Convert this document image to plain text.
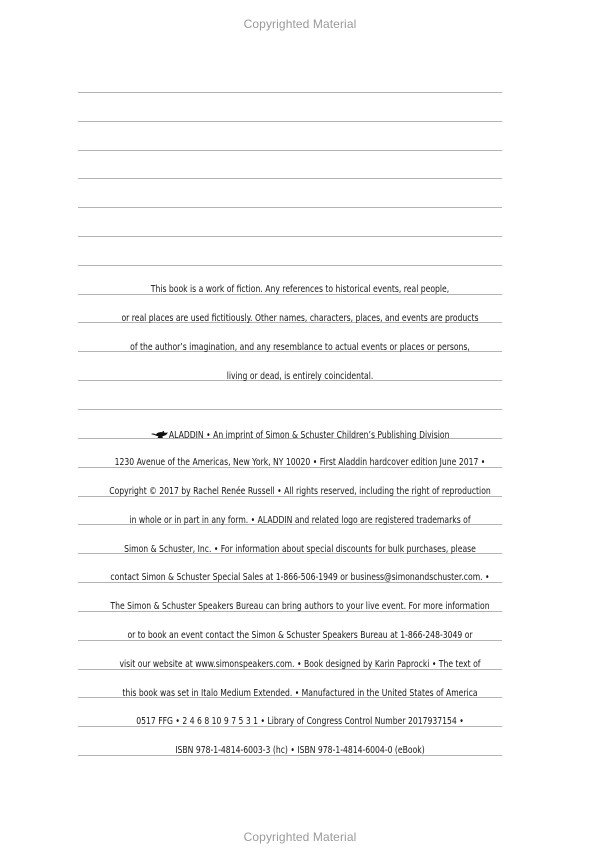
Copyrighted Material
This book is a work of fiction. Any references to historical events, real people,
or real places are used fictitiously. Other names, characters, places, and events are products
of the author’s imagination, and any resemblance to actual events or places or persons,
living or dead, is entirely coincidental.
ALADDIN • An imprint of Simon & Schuster Children’s Publishing Division
1230 Avenue of the Americas, New York, NY 10020 • First Aladdin hardcover edition June 2017 •
Copyright © 2017 by Rachel Renée Russell • All rights reserved, including the right of reproduction
in whole or in part in any form. • ALADDIN and related logo are registered trademarks of
Simon & Schuster, Inc. • For information about special discounts for bulk purchases, please
contact Simon & Schuster Special Sales at 1-866-506-1949 or business@simonandschuster.com. •
The Simon & Schuster Speakers Bureau can bring authors to your live event. For more information
or to book an event contact the Simon & Schuster Speakers Bureau at 1-866-248-3049 or
visit our website at www.simonspeakers.com. • Book designed by Karin Paprocki • The text of
this book was set in Italo Medium Extended. • Manufactured in the United States of America
0517 FFG • 2 4 6 8 10 9 7 5 3 1 • Library of Congress Control Number 2017937154 •
ISBN 978-1-4814-6003-3 (hc) • ISBN 978-1-4814-6004-0 (eBook)
Copyrighted Material
